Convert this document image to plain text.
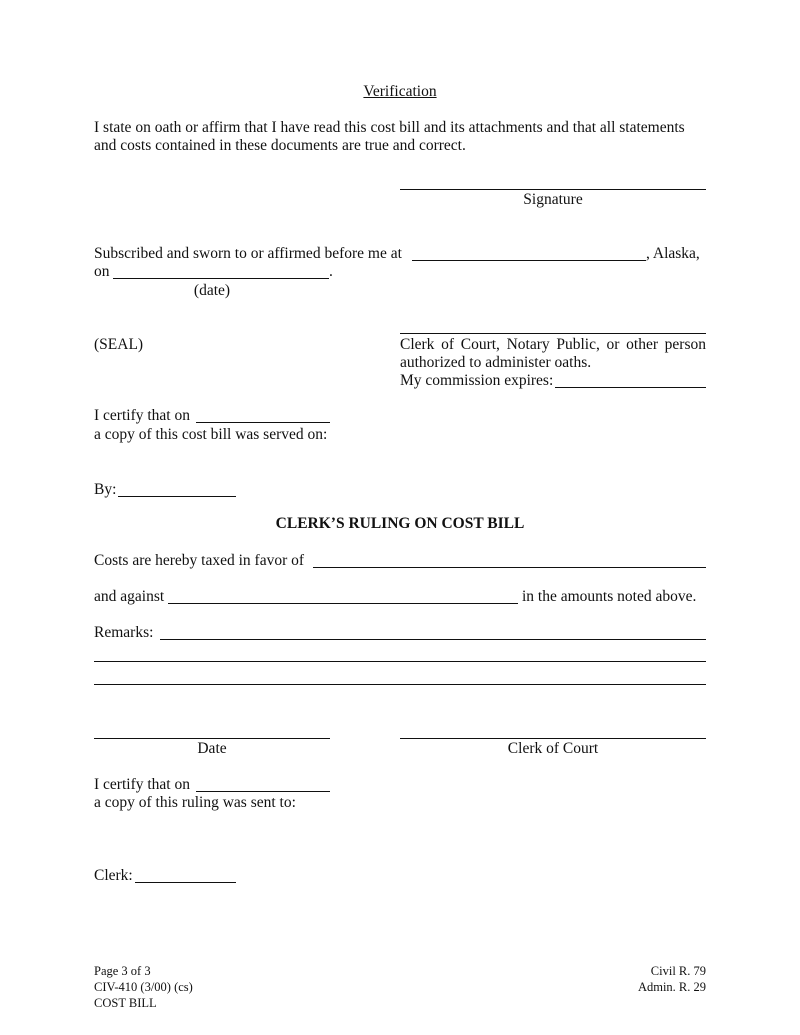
Verification
I state on oath or affirm that I have read this cost bill and its attachments and that all statements
and costs contained in these documents are true and correct.
Signature
Subscribed and sworn to or affirmed before me at	, Alaska,
on	.
(date)
(SEAL)	Clerk of Court, Notary Public, or other person
authorized to administer oaths.
My commission expires:
I certify that on
a copy of this cost bill was served on:
By:
CLERK’S RULING ON COST BILL
Costs are hereby taxed in favor of
and against	in the amounts noted above.
Remarks:
Date	Clerk of Court
I certify that on
a copy of this ruling was sent to:
Clerk:
Page 3 of 3
CIV-410 (3/00) (cs)
COST BILL
Civil R. 79
Admin. R. 29
